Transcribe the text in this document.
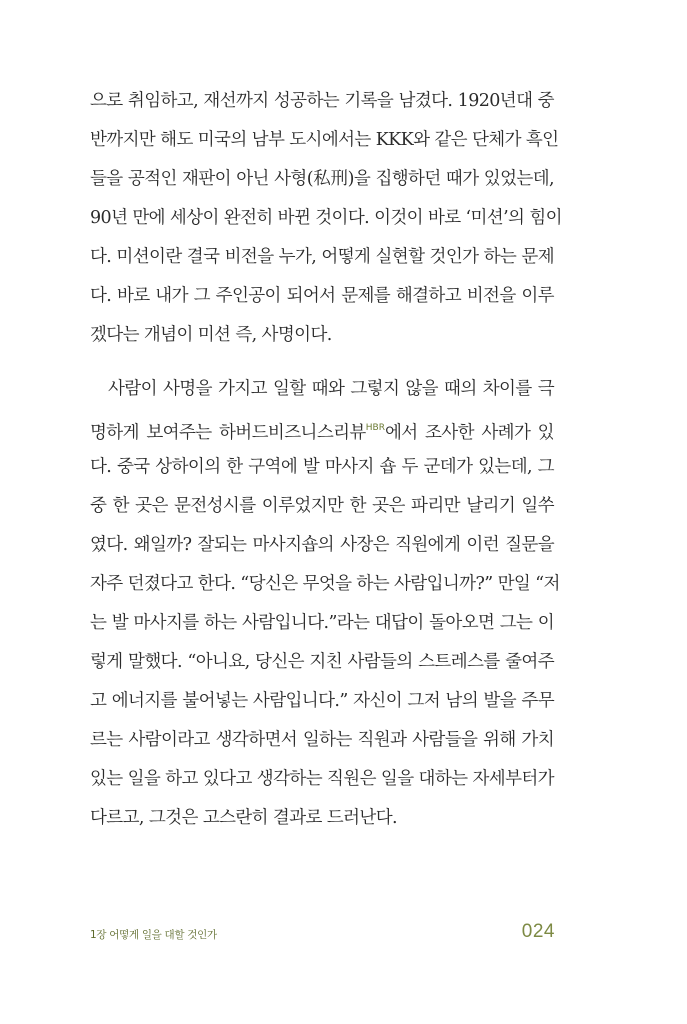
으로 취임하고, 재선까지 성공하는 기록을 남겼다. 1920년대 중
반까지만 해도 미국의 남부 도시에서는 KKK와 같은 단체가 흑인
들을 공적인 재판이 아닌 사형(私刑)을 집행하던 때가 있었는데,
90년 만에 세상이 완전히 바뀐 것이다. 이것이 바로 ‘미션’의 힘이
다. 미션이란 결국 비전을 누가, 어떻게 실현할 것인가 하는 문제
다. 바로 내가 그 주인공이 되어서 문제를 해결하고 비전을 이루
겠다는 개념이 미션 즉, 사명이다.
사람이 사명을 가지고 일할 때와 그렇지 않을 때의 차이를 극
명하게 보여주는 하버드비즈니스리뷰$^{HBR}$에서 조사한 사례가 있
다. 중국 상하이의 한 구역에 발 마사지 숍 두 군데가 있는데, 그
중 한 곳은 문전성시를 이루었지만 한 곳은 파리만 날리기 일쑤
였다. 왜일까? 잘되는 마사지숍의 사장은 직원에게 이런 질문을
자주 던졌다고 한다. “당신은 무엇을 하는 사람입니까?” 만일 “저
는 발 마사지를 하는 사람입니다.”라는 대답이 돌아오면 그는 이
렇게 말했다. “아니요, 당신은 지친 사람들의 스트레스를 줄여주
고 에너지를 불어넣는 사람입니다.” 자신이 그저 남의 발을 주무
르는 사람이라고 생각하면서 일하는 직원과 사람들을 위해 가치
있는 일을 하고 있다고 생각하는 직원은 일을 대하는 자세부터가
다르고, 그것은 고스란히 결과로 드러난다.
1장 어떻게 일을 대할 것인가	024
